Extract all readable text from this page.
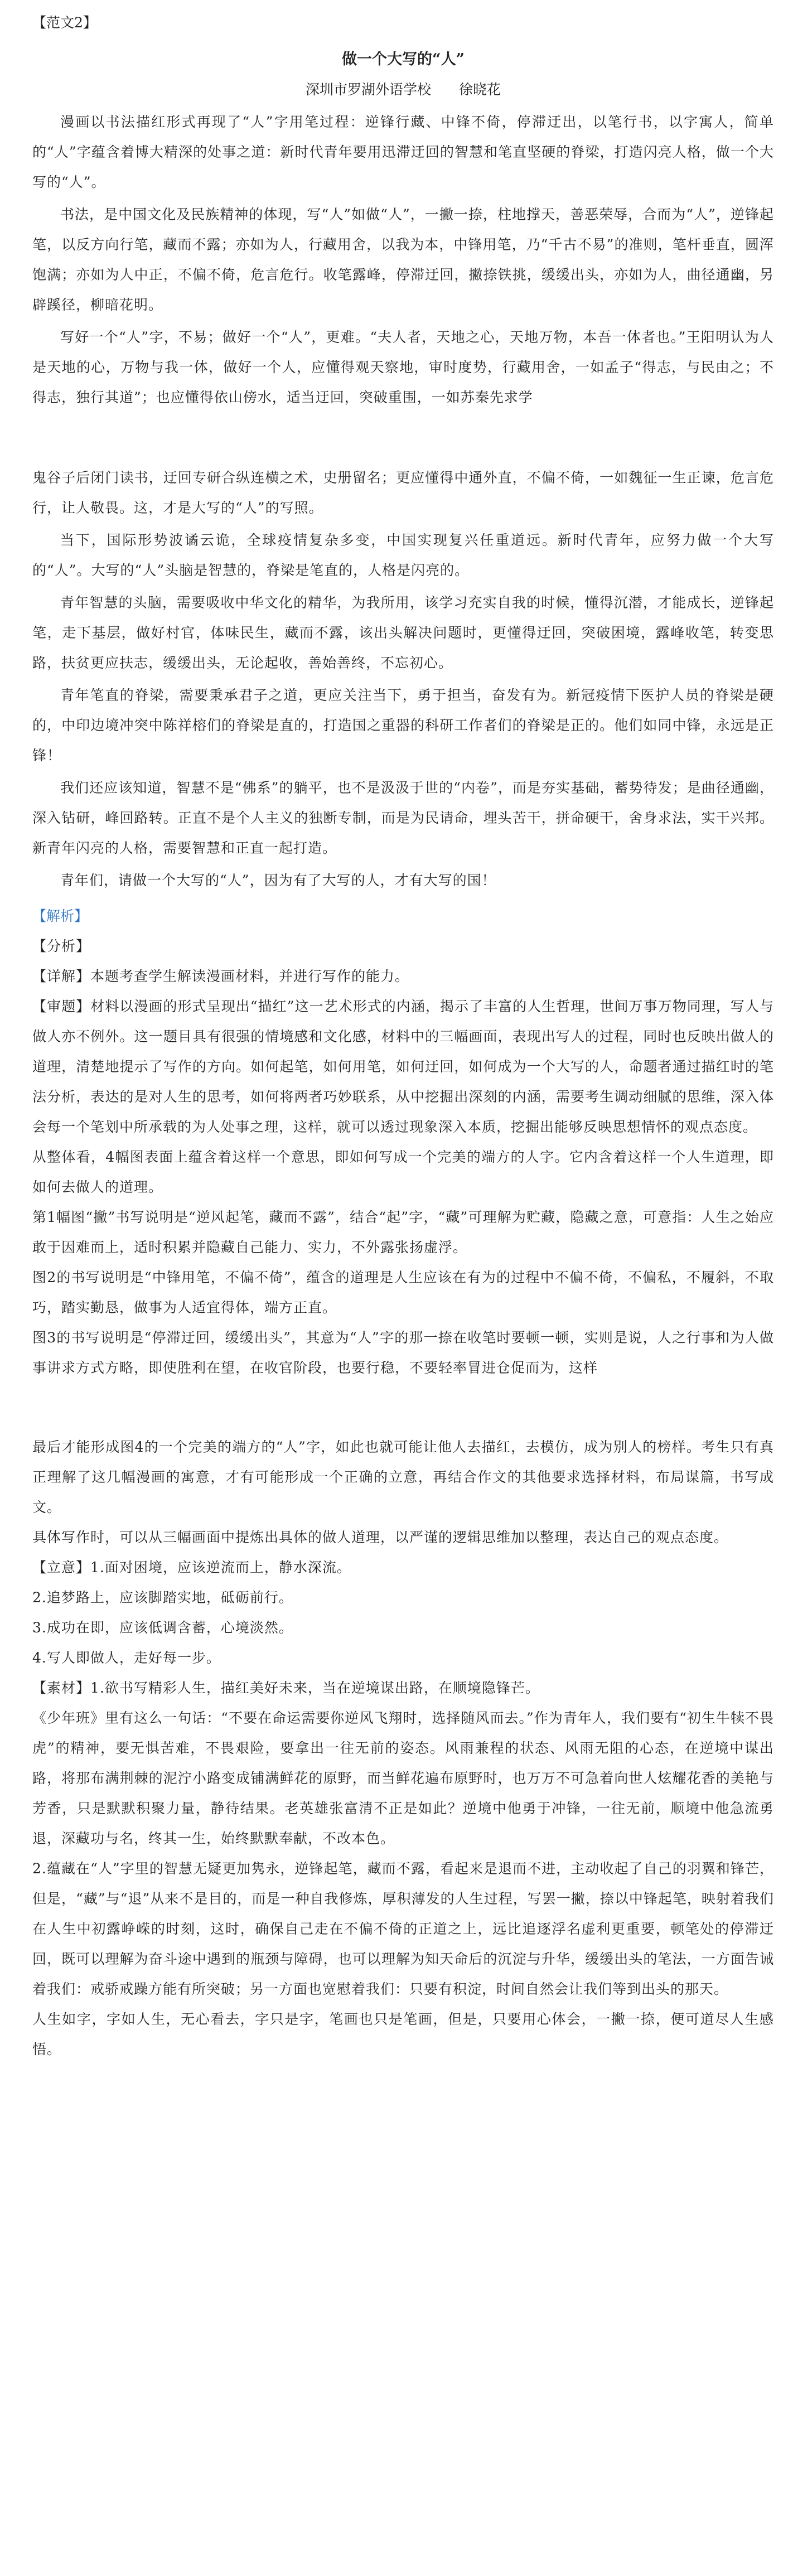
【范文2】
做一个大写的“人”
深圳市罗湖外语学校　　徐晓花

漫画以书法描红形式再现了“人”字用笔过程：逆锋行藏、中锋不倚，停滞迂出，以笔行书，以字寓人，简单的“人”字蕴含着博大精深的处事之道：新时代青年要用迅滞迂回的智慧和笔直坚硬的脊梁，打造闪亮人格，做一个大写的“人”。

书法，是中国文化及民族精神的体现，写“人”如做“人”，一撇一捺，柱地撑天，善恶荣辱，合而为“人”，逆锋起笔，以反方向行笔，藏而不露；亦如为人，行藏用舍，以我为本，中锋用笔，乃“千古不易”的准则，笔杆垂直，圆浑饱满；亦如为人中正，不偏不倚，危言危行。收笔露峰，停滞迂回，撇捺铁挑，缓缓出头，亦如为人，曲径通幽，另辟蹊径，柳暗花明。

写好一个“人”字，不易；做好一个“人”，更难。“夫人者，天地之心，天地万物，本吾一体者也。”王阳明认为人是天地的心，万物与我一体，做好一个人，应懂得观天察地，审时度势，行藏用舍，一如孟子“得志，与民由之；不得志，独行其道”；也应懂得依山傍水，适当迂回，突破重围，一如苏秦先求学

鬼谷子后闭门读书，迂回专研合纵连横之术，史册留名；更应懂得中通外直，不偏不倚，一如魏征一生正谏，危言危行，让人敬畏。这，才是大写的“人”的写照。

当下，国际形势波谲云诡，全球疫情复杂多变，中国实现复兴任重道远。新时代青年，应努力做一个大写的“人”。大写的“人”头脑是智慧的，脊梁是笔直的，人格是闪亮的。

青年智慧的头脑，需要吸收中华文化的精华，为我所用，该学习充实自我的时候，懂得沉潜，才能成长，逆锋起笔，走下基层，做好村官，体味民生，藏而不露，该出头解决问题时，更懂得迂回，突破困境，露峰收笔，转变思路，扶贫更应扶志，缓缓出头，无论起收，善始善终，不忘初心。

青年笔直的脊梁，需要秉承君子之道，更应关注当下，勇于担当，奋发有为。新冠疫情下医护人员的脊梁是硬的，中印边境冲突中陈祥榕们的脊梁是直的，打造国之重器的科研工作者们的脊梁是正的。他们如同中锋，永远是正锋！

我们还应该知道，智慧不是“佛系”的躺平，也不是汲汲于世的“内卷”，而是夯实基础，蓄势待发；是曲径通幽，深入钻研，峰回路转。正直不是个人主义的独断专制，而是为民请命，埋头苦干，拼命硬干，舍身求法，实干兴邦。新青年闪亮的人格，需要智慧和正直一起打造。

青年们，请做一个大写的“人”，因为有了大写的人，才有大写的国！

【解析】

【分析】

【详解】本题考查学生解读漫画材料，并进行写作的能力。

【审题】材料以漫画的形式呈现出“描红”这一艺术形式的内涵，揭示了丰富的人生哲理，世间万事万物同理，写人与做人亦不例外。这一题目具有很强的情境感和文化感，材料中的三幅画面，表现出写人的过程，同时也反映出做人的道理，清楚地提示了写作的方向。如何起笔，如何用笔，如何迂回，如何成为一个大写的人，命题者通过描红时的笔法分析，表达的是对人生的思考，如何将两者巧妙联系，从中挖掘出深刻的内涵，需要考生调动细腻的思维，深入体会每一个笔划中所承载的为人处事之理，这样，就可以透过现象深入本质，挖掘出能够反映思想情怀的观点态度。

从整体看，4幅图表面上蕴含着这样一个意思，即如何写成一个完美的端方的人字。它内含着这样一个人生道理，即如何去做人的道理。

第1幅图“撇”书写说明是“逆风起笔，藏而不露”，结合“起”字，“藏”可理解为贮藏，隐藏之意，可意指：人生之始应敢于因难而上，适时积累并隐藏自己能力、实力，不外露张扬虚浮。

图2的书写说明是“中锋用笔，不偏不倚”，蕴含的道理是人生应该在有为的过程中不偏不倚，不偏私，不履斜，不取巧，踏实勤恳，做事为人适宜得体，端方正直。

图3的书写说明是“停滞迂回，缓缓出头”，其意为“人”字的那一捺在收笔时要顿一顿，实则是说，人之行事和为人做事讲求方式方略，即使胜利在望，在收官阶段，也要行稳，不要轻率冒进仓促而为，这样

最后才能形成图4的一个完美的端方的“人”字，如此也就可能让他人去描红，去模仿，成为别人的榜样。考生只有真正理解了这几幅漫画的寓意，才有可能形成一个正确的立意，再结合作文的其他要求选择材料，布局谋篇，书写成文。

具体写作时，可以从三幅画面中提炼出具体的做人道理，以严谨的逻辑思维加以整理，表达自己的观点态度。

【立意】1.面对困境，应该逆流而上，静水深流。

2.追梦路上，应该脚踏实地，砥砺前行。

3.成功在即，应该低调含蓄，心境淡然。

4.写人即做人，走好每一步。

【素材】1.欲书写精彩人生，描红美好未来，当在逆境谋出路，在顺境隐锋芒。

《少年班》里有这么一句话：“不要在命运需要你逆风飞翔时，选择随风而去。”作为青年人，我们要有“初生牛犊不畏虎”的精神，要无惧苦难，不畏艰险，要拿出一往无前的姿态。风雨兼程的状态、风雨无阻的心态，在逆境中谋出路，将那布满荆棘的泥泞小路变成铺满鲜花的原野，而当鲜花遍布原野时，也万万不可急着向世人炫耀花香的美艳与芳香，只是默默积聚力量，静待结果。老英雄张富清不正是如此？逆境中他勇于冲锋，一往无前，顺境中他急流勇退，深藏功与名，终其一生，始终默默奉献，不改本色。

2.蕴藏在“人”字里的智慧无疑更加隽永，逆锋起笔，藏而不露，看起来是退而不进，主动收起了自己的羽翼和锋芒，但是，“藏”与“退”从来不是目的，而是一种自我修炼，厚积薄发的人生过程，写罢一撇，捺以中锋起笔，映射着我们在人生中初露峥嵘的时刻，这时，确保自己走在不偏不倚的正道之上，远比追逐浮名虚利更重要，顿笔处的停滞迂回，既可以理解为奋斗途中遇到的瓶颈与障碍，也可以理解为知天命后的沉淀与升华，缓缓出头的笔法，一方面告诫着我们：戒骄戒躁方能有所突破；另一方面也宽慰着我们：只要有积淀，时间自然会让我们等到出头的那天。

人生如字，字如人生，无心看去，字只是字，笔画也只是笔画，但是，只要用心体会，一撇一捺，便可道尽人生感悟。
